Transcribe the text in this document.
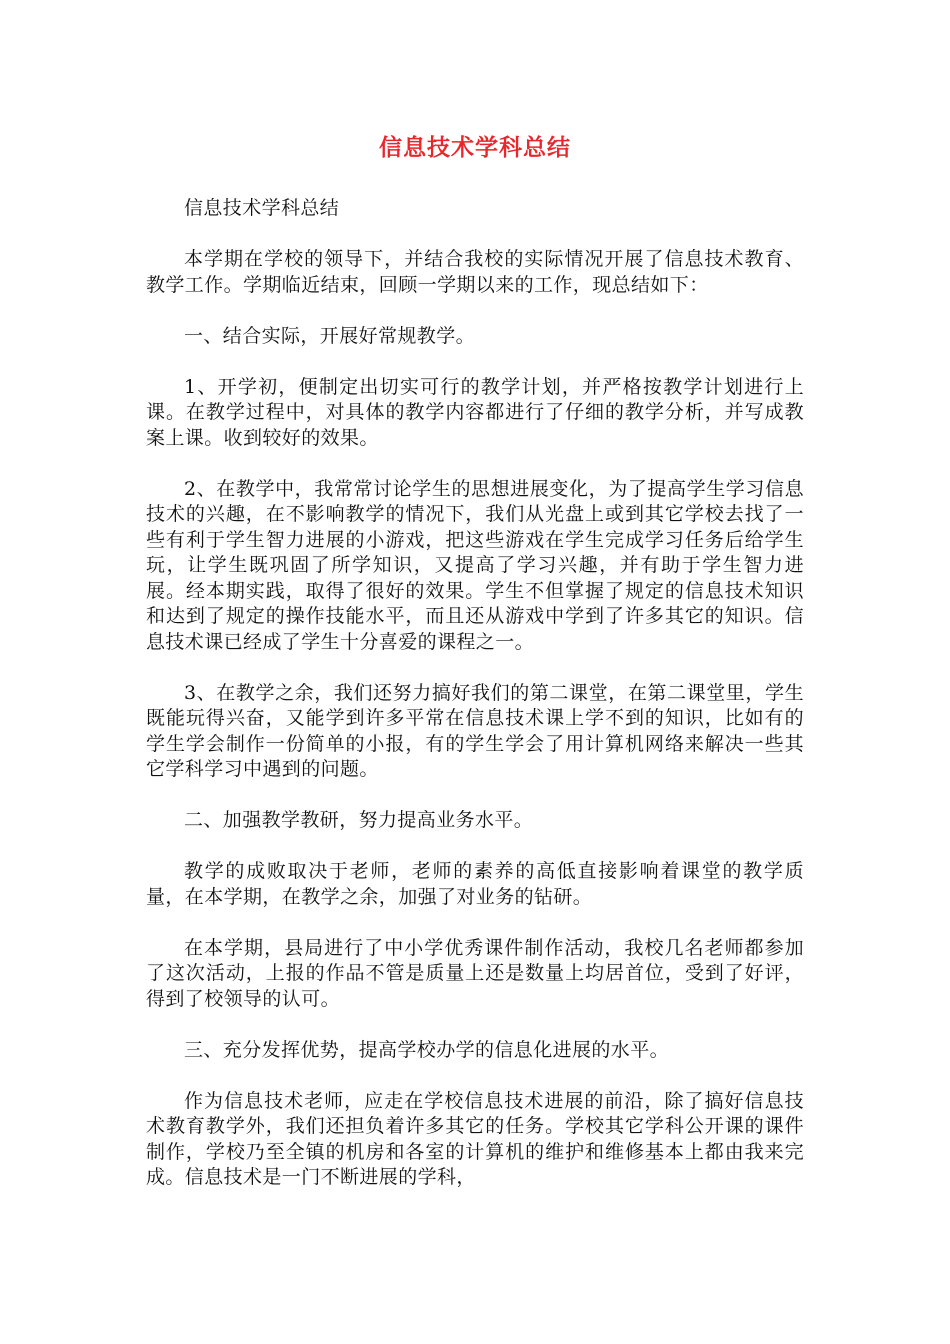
信息技术学科总结

信息技术学科总结

本学期在学校的领导下，并结合我校的实际情况开展了信息技术教育、教学工作。学期临近结束，回顾一学期以来的工作，现总结如下：

一、结合实际，开展好常规教学。

1、开学初，便制定出切实可行的教学计划，并严格按教学计划进行上课。在教学过程中，对具体的教学内容都进行了仔细的教学分析，并写成教案上课。收到较好的效果。

2、在教学中，我常常讨论学生的思想进展变化，为了提高学生学习信息技术的兴趣，在不影响教学的情况下，我们从光盘上或到其它学校去找了一些有利于学生智力进展的小游戏，把这些游戏在学生完成学习任务后给学生玩，让学生既巩固了所学知识，又提高了学习兴趣，并有助于学生智力进展。经本期实践，取得了很好的效果。学生不但掌握了规定的信息技术知识和达到了规定的操作技能水平，而且还从游戏中学到了许多其它的知识。信息技术课已经成了学生十分喜爱的课程之一。

3、在教学之余，我们还努力搞好我们的第二课堂，在第二课堂里，学生既能玩得兴奋，又能学到许多平常在信息技术课上学不到的知识，比如有的学生学会制作一份简单的小报，有的学生学会了用计算机网络来解决一些其它学科学习中遇到的问题。

二、加强教学教研，努力提高业务水平。

教学的成败取决于老师，老师的素养的高低直接影响着课堂的教学质量，在本学期，在教学之余，加强了对业务的钻研。

在本学期，县局进行了中小学优秀课件制作活动，我校几名老师都参加了这次活动，上报的作品不管是质量上还是数量上均居首位，受到了好评，得到了校领导的认可。

三、充分发挥优势，提高学校办学的信息化进展的水平。

作为信息技术老师，应走在学校信息技术进展的前沿，除了搞好信息技术教育教学外，我们还担负着许多其它的任务。学校其它学科公开课的课件制作，学校乃至全镇的机房和各室的计算机的维护和维修基本上都由我来完成。信息技术是一门不断进展的学科，
